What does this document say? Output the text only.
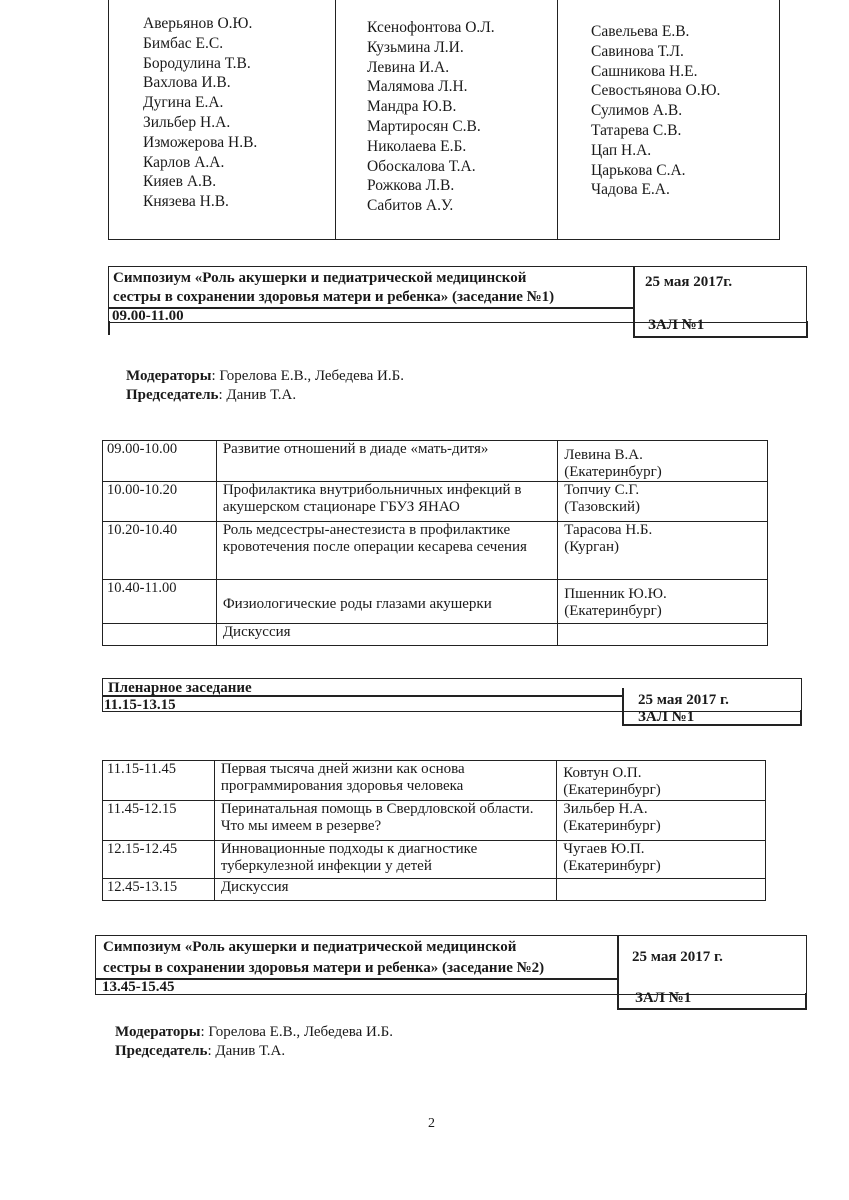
Аверьянов О.Ю.
Бимбас Е.С.
Бородулина Т.В.
Вахлова И.В.
Дугина Е.А.
Зильбер Н.А.
Изможерова Н.В.
Карлов А.А.
Кияев А.В.
Князева Н.В.
Ксенофонтова О.Л.
Кузьмина Л.И.
Левина И.А.
Малямова Л.Н.
Мандра Ю.В.
Мартиросян С.В.
Николаева Е.Б.
Обоскалова Т.А.
Рожкова Л.В.
Сабитов А.У.
Савельева Е.В.
Савинова Т.Л.
Сашникова Н.Е.
Севостьянова О.Ю.
Сулимов А.В.
Татарева С.В.
Цап Н.А.
Царькова С.А.
Чадова Е.А.
Симпозиум «Роль акушерки и педиатрической медицинской
сестры в сохранении здоровья матери и ребенка» (заседание №1)
25 мая 2017г.
09.00-11.00
ЗАЛ №1
Модераторы: Горелова Е.В., Лебедева И.Б.
Председатель: Данив Т.А.
09.00-10.00	Развитие отношений в диаде «мать-дитя»	Левина В.А.
(Екатеринбург)

10.00-10.20	Профилактика внутрибольничных инфекций в акушерском стационаре ГБУЗ ЯНАО	Топчиу С.Г.
(Тазовский)

10.20-10.40	Роль медсестры-анестезиста в профилактике кровотечения после операции кесарева сечения	Тарасова Н.Б.
(Курган)

10.40-11.00	Физиологические роды глазами акушерки	Пшенник Ю.Ю.
(Екатеринбург)

	Дискуссия	
Пленарное заседание
25 мая 2017 г.
11.15-13.15
ЗАЛ №1
11.15-11.45	Первая тысяча дней жизни как основа программирования здоровья человека	Ковтун О.П.
(Екатеринбург)

11.45-12.15	Перинатальная помощь в Свердловской области. Что мы имеем в резерве?	Зильбер Н.А.
(Екатеринбург)

12.15-12.45	Инновационные подходы к диагностике туберкулезной инфекции у детей	Чугаев Ю.П.
(Екатеринбург)

12.45-13.15	Дискуссия	
Симпозиум «Роль акушерки и педиатрической медицинской
сестры в сохранении здоровья матери и ребенка» (заседание №2)
25 мая 2017 г.
13.45-15.45
ЗАЛ №1
Модераторы: Горелова Е.В., Лебедева И.Б.
Председатель: Данив Т.А.
2
